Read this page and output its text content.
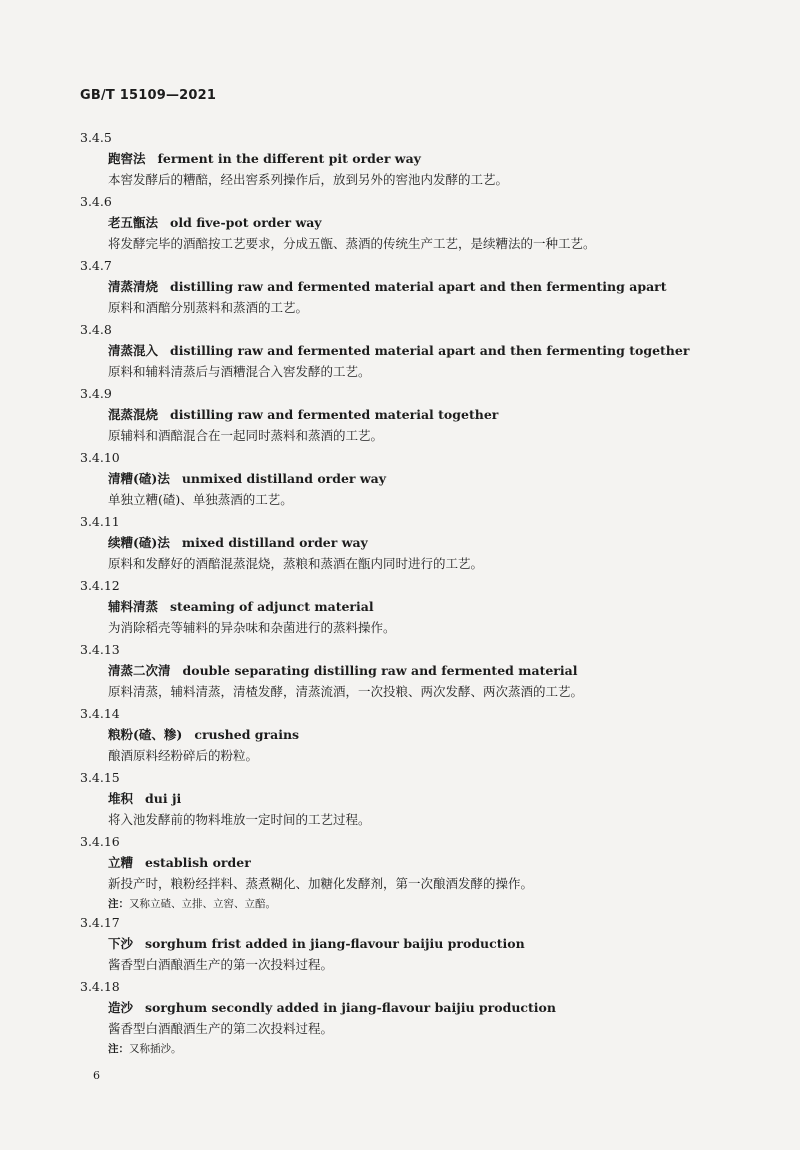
GB/T 15109—2021
3.4.5
跑窖法 ferment in the different pit order way
本窖发酵后的糟醅，经出窖系列操作后，放到另外的窖池内发酵的工艺。
3.4.6
老五甑法 old five-pot order way
将发酵完毕的酒醅按工艺要求，分成五甑、蒸酒的传统生产工艺，是续糟法的一种工艺。
3.4.7
清蒸清烧 distilling raw and fermented material apart and then fermenting apart
原料和酒醅分别蒸料和蒸酒的工艺。
3.4.8
清蒸混入 distilling raw and fermented material apart and then fermenting together
原料和辅料清蒸后与酒糟混合入窖发酵的工艺。
3.4.9
混蒸混烧 distilling raw and fermented material together
原辅料和酒醅混合在一起同时蒸料和蒸酒的工艺。
3.4.10
清糟(碴)法 unmixed distilland order way
单独立糟(碴)、单独蒸酒的工艺。
3.4.11
续糟(碴)法 mixed distilland order way
原料和发酵好的酒醅混蒸混烧，蒸粮和蒸酒在甑内同时进行的工艺。
3.4.12
辅料清蒸 steaming of adjunct material
为消除稻壳等辅料的异杂味和杂菌进行的蒸料操作。
3.4.13
清蒸二次清 double separating distilling raw and fermented material
原料清蒸，辅料清蒸，清楂发酵，清蒸流酒，一次投粮、两次发酵、两次蒸酒的工艺。
3.4.14
粮粉(碴、糁) crushed grains
酿酒原料经粉碎后的粉粒。
3.4.15
堆积 dui ji
将入池发酵前的物料堆放一定时间的工艺过程。
3.4.16
立糟 establish order
新投产时，粮粉经拌料、蒸煮糊化、加糖化发酵剂，第一次酿酒发酵的操作。
注：又称立碴、立排、立窖、立醅。
3.4.17
下沙 sorghum frist added in jiang-flavour baijiu production
酱香型白酒酿酒生产的第一次投料过程。
3.4.18
造沙 sorghum secondly added in jiang-flavour baijiu production
酱香型白酒酿酒生产的第二次投料过程。
注：又称插沙。
6
